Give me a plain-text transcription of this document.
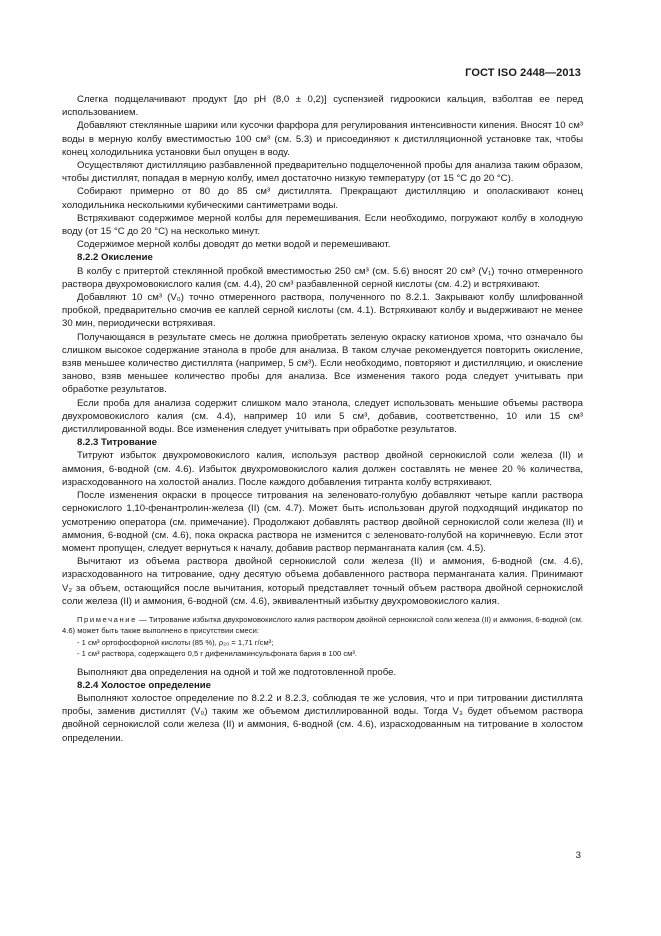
ГОСТ ISO 2448—2013

Слегка подщелачивают продукт [до pH (8,0 ± 0,2)] суспензией гидроокиси кальция, взболтав ее перед использованием.

Добавляют стеклянные шарики или кусочки фарфора для регулирования интенсивности кипения. Вносят 10 см³ воды в мерную колбу вместимостью 100 см³ (см. 5.3) и присоединяют к дистилляционной установке так, чтобы конец холодильника установки был опущен в воду.

Осуществляют дистилляцию разбавленной предварительно подщелоченной пробы для анализа таким образом, чтобы дистиллят, попадая в мерную колбу, имел достаточно низкую температуру (от 15 °С до 20 °С).

Собирают примерно от 80 до 85 см³ дистиллята. Прекращают дистилляцию и ополаскивают конец холодильника несколькими кубическими сантиметрами воды.

Встряхивают содержимое мерной колбы для перемешивания. Если необходимо, погружают колбу в холодную воду (от 15 °С до 20 °С) на несколько минут.

Содержимое мерной колбы доводят до метки водой и перемешивают.

8.2.2 Окисление

В колбу с притертой стеклянной пробкой вместимостью 250 см³ (см. 5.6) вносят 20 см³ (V₁) точно отмеренного раствора двухромовокислого калия (см. 4.4), 20 см³ разбавленной серной кислоты (см. 4.2) и встряхивают.

Добавляют 10 см³ (V₀) точно отмеренного раствора, полученного по 8.2.1. Закрывают колбу шлифованной пробкой, предварительно смочив ее каплей серной кислоты (см. 4.1). Встряхивают колбу и выдерживают не менее 30 мин, периодически встряхивая.

Получающаяся в результате смесь не должна приобретать зеленую окраску катионов хрома, что означало бы слишком высокое содержание этанола в пробе для анализа. В таком случае рекомендуется повторить окисление, взяв меньшее количество дистиллята (например, 5 см³). Если необходимо, повторяют и дистилляцию, и окисление заново, взяв меньшее количество пробы для анализа. Все изменения такого рода следует учитывать при обработке результатов.

Если проба для анализа содержит слишком мало этанола, следует использовать меньшие объемы раствора двухромовокислого калия (см. 4.4), например 10 или 5 см³, добавив, соответственно, 10 или 15 см³ дистиллированной воды. Все изменения следует учитывать при обработке результатов.

8.2.3 Титрование

Титруют избыток двухромовокислого калия, используя раствор двойной сернокислой соли железа (II) и аммония, 6-водной (см. 4.6). Избыток двухромовокислого калия должен составлять не менее 20 % количества, израсходованного на холостой анализ. После каждого добавления титранта колбу встряхивают.

После изменения окраски в процессе титрования на зеленовато-голубую добавляют четыре капли раствора сернокислого 1,10-фенантролин-железа (II) (см. 4.7). Может быть использован другой подходящий индикатор по усмотрению оператора (см. примечание). Продолжают добавлять раствор двойной сернокислой соли железа (II) и аммония, 6-водной (см. 4.6), пока окраска раствора не изменится с зеленовато-голубой на коричневую. Если этот момент пропущен, следует вернуться к началу, добавив раствор перманганата калия (см. 4.5).

Вычитают из объема раствора двойной сернокислой соли железа (II) и аммония, 6-водной (см. 4.6), израсходованного на титрование, одну десятую объема добавленного раствора перманганата калия. Принимают V₂ за объем, остающийся после вычитания, который представляет точный объем раствора двойной сернокислой соли железа (II) и аммония, 6-водной (см. 4.6), эквивалентный избытку двухромовокислого калия.

Примечание — Титрование избытка двухромовокислого калия раствором двойной сернокислой соли железа (II) и аммония, 6-водной (см. 4.6) может быть также выполнено в присутствии смеси:

- 1 см³ ортофосфорной кислоты (85 %), ρ₂₀ = 1,71 г/см³;

- 1 см³ раствора, содержащего 0,5 г дифениламинсульфоната бария в 100 см³.

Выполняют два определения на одной и той же подготовленной пробе.

8.2.4 Холостое определение

Выполняют холостое определение по 8.2.2 и 8.2.3, соблюдая те же условия, что и при титровании дистиллята пробы, заменив дистиллят (V₀) таким же объемом дистиллированной воды. Тогда V₃ будет объемом раствора двойной сернокислой соли железа (II) и аммония, 6-водной (см. 4.6), израсходованным на титрование в холостом определении.

3
